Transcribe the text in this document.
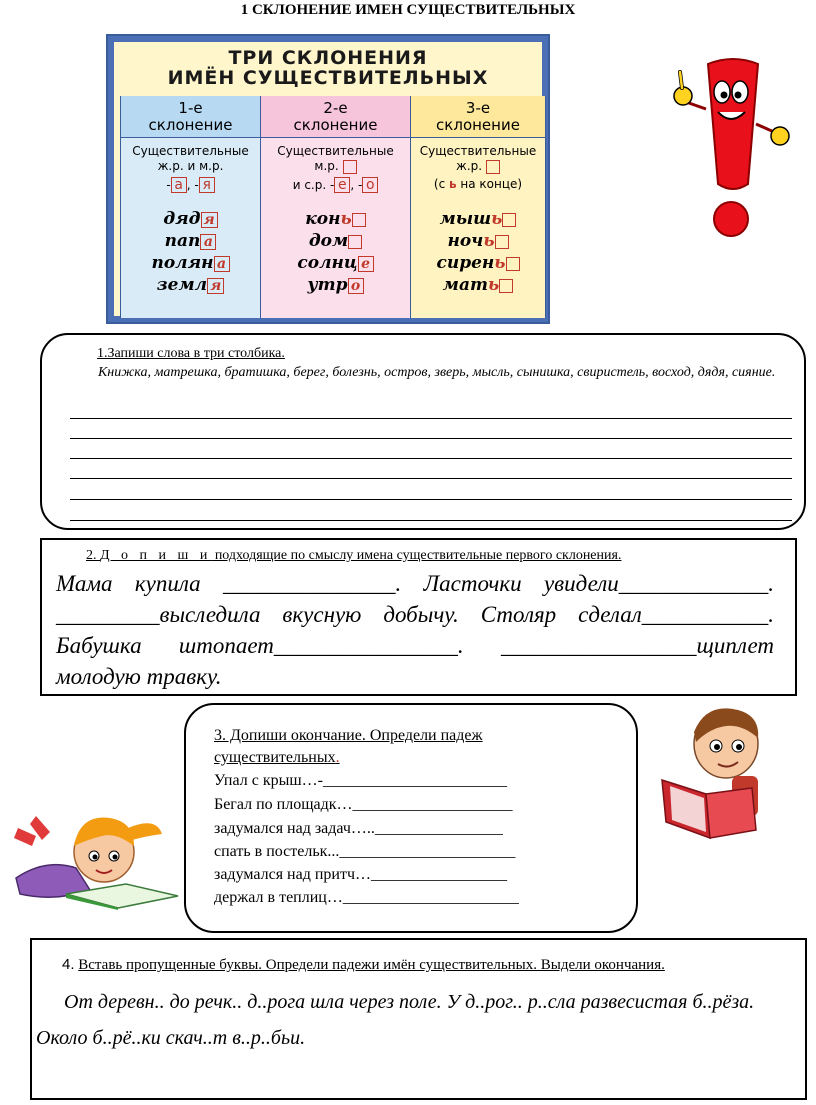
1 СКЛОНЕНИЕ ИМЕН СУЩЕСТВИТЕЛЬНЫХ
ТРИ СКЛОНЕНИЯ
ИМЁН СУЩЕСТВИТЕЛЬНЫХ
1-е
склонение
Существительные
ж.р. и м.р.
- а , - я
дяд я
пап а
полян а
земл я
2-е
склонение
Существительные
м.р.
и с.р. - е , - о
конь
дом
солнц е
утр о
3-е
склонение
Существительные
ж.р.
(с ь на конце)
мышь
ночь
сирень
мать
1.Запиши слова в три столбика.
Книжка, матрешка, братишка, берег, болезнь, остров, зверь, мысль, сынишка, свиристель, восход, дядя, сияние.
2. Д о п и ш и подходящие по смыслу имена существительные первого склонения.
Мама купила _______________. Ласточки увидели_____________. _________выследила вкусную добычу. Столяр сделал___________. Бабушка штопает________________. _________________щиплет молодую травку.
3. Допиши окончание. Определи падеж существительных.
Упал с крыш…-_______________________
Бегал по площадк…____________________
задумался над задач…..________________
спать в постельк...______________________
задумался над притч…_________________
держал в теплиц…______________________
4. Вставь пропущенные буквы. Определи падежи имён существительных. Выдели окончания.
От деревн.. до речк.. д..рога шла через поле. У д..рог.. р..сла развесистая б..рёза. Около б..рё..ки скач..т в..р..бьи.
